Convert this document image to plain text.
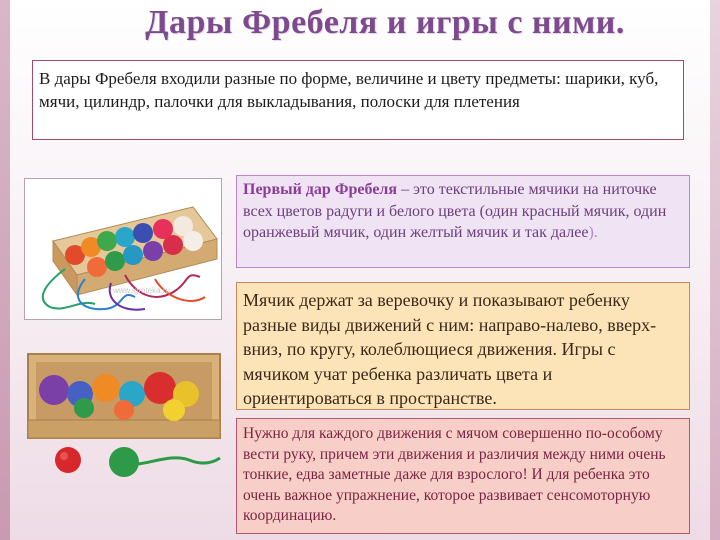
Дары Фребеля и игры с ними.
В дары Фребеля входили разные по форме, величине и цвету предметы: шарики, куб, мячи, цилиндр, палочки для выкладывания, полоски для плетения
www.igroteka.ru
Первый дар Фребеля – это текстильные мячики на ниточке всех цветов радуги и белого цвета (один красный мячик, один оранжевый мячик, один желтый мячик и так далее).
Мячик держат за веревочку и показывают ребенку разные виды движений с ним: направо-налево, вверх-вниз, по кругу, колеблющиеся движения. Игры с мячиком учат ребенка различать цвета и ориентироваться в пространстве.
Нужно для каждого движения с мячом совершенно по-особому вести руку, причем эти движения и различия между ними очень тонкие, едва заметные даже для взрослого! И для ребенка это очень важное упражнение, которое развивает сенсомоторную координацию.
